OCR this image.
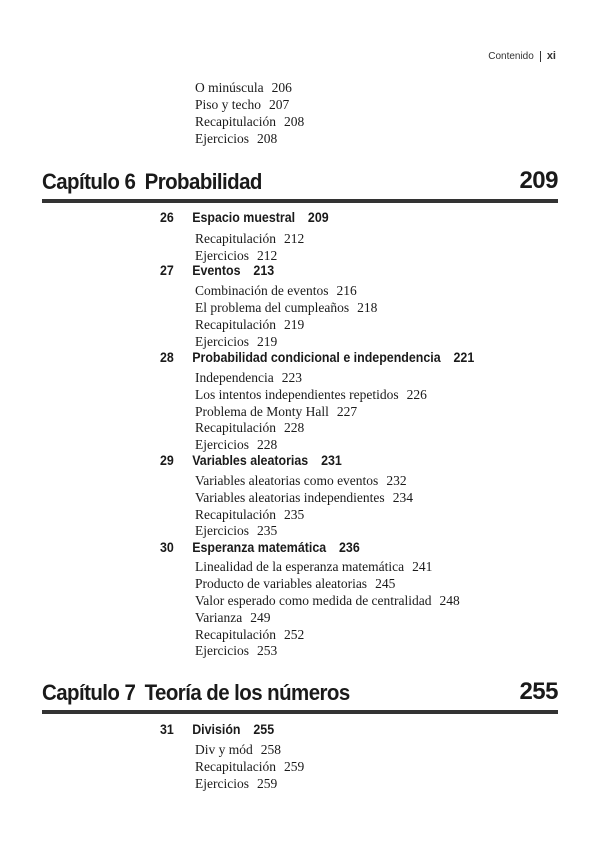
Contenido xi
O minúscula 206
Piso y techo 207
Recapitulación 208
Ejercicios 208
Capítulo 6 Probabilidad	209
26 Espacio muestral 209
Recapitulación 212
Ejercicios 212
27 Eventos 213
Combinación de eventos 216
El problema del cumpleaños 218
Recapitulación 219
Ejercicios 219
28 Probabilidad condicional e independencia 221
Independencia 223
Los intentos independientes repetidos 226
Problema de Monty Hall 227
Recapitulación 228
Ejercicios 228
29 Variables aleatorias 231
Variables aleatorias como eventos 232
Variables aleatorias independientes 234
Recapitulación 235
Ejercicios 235
30 Esperanza matemática 236
Linealidad de la esperanza matemática 241
Producto de variables aleatorias 245
Valor esperado como medida de centralidad 248
Varianza 249
Recapitulación 252
Ejercicios 253
Capítulo 7 Teoría de los números	255
31 División 255
Div y mód 258
Recapitulación 259
Ejercicios 259
